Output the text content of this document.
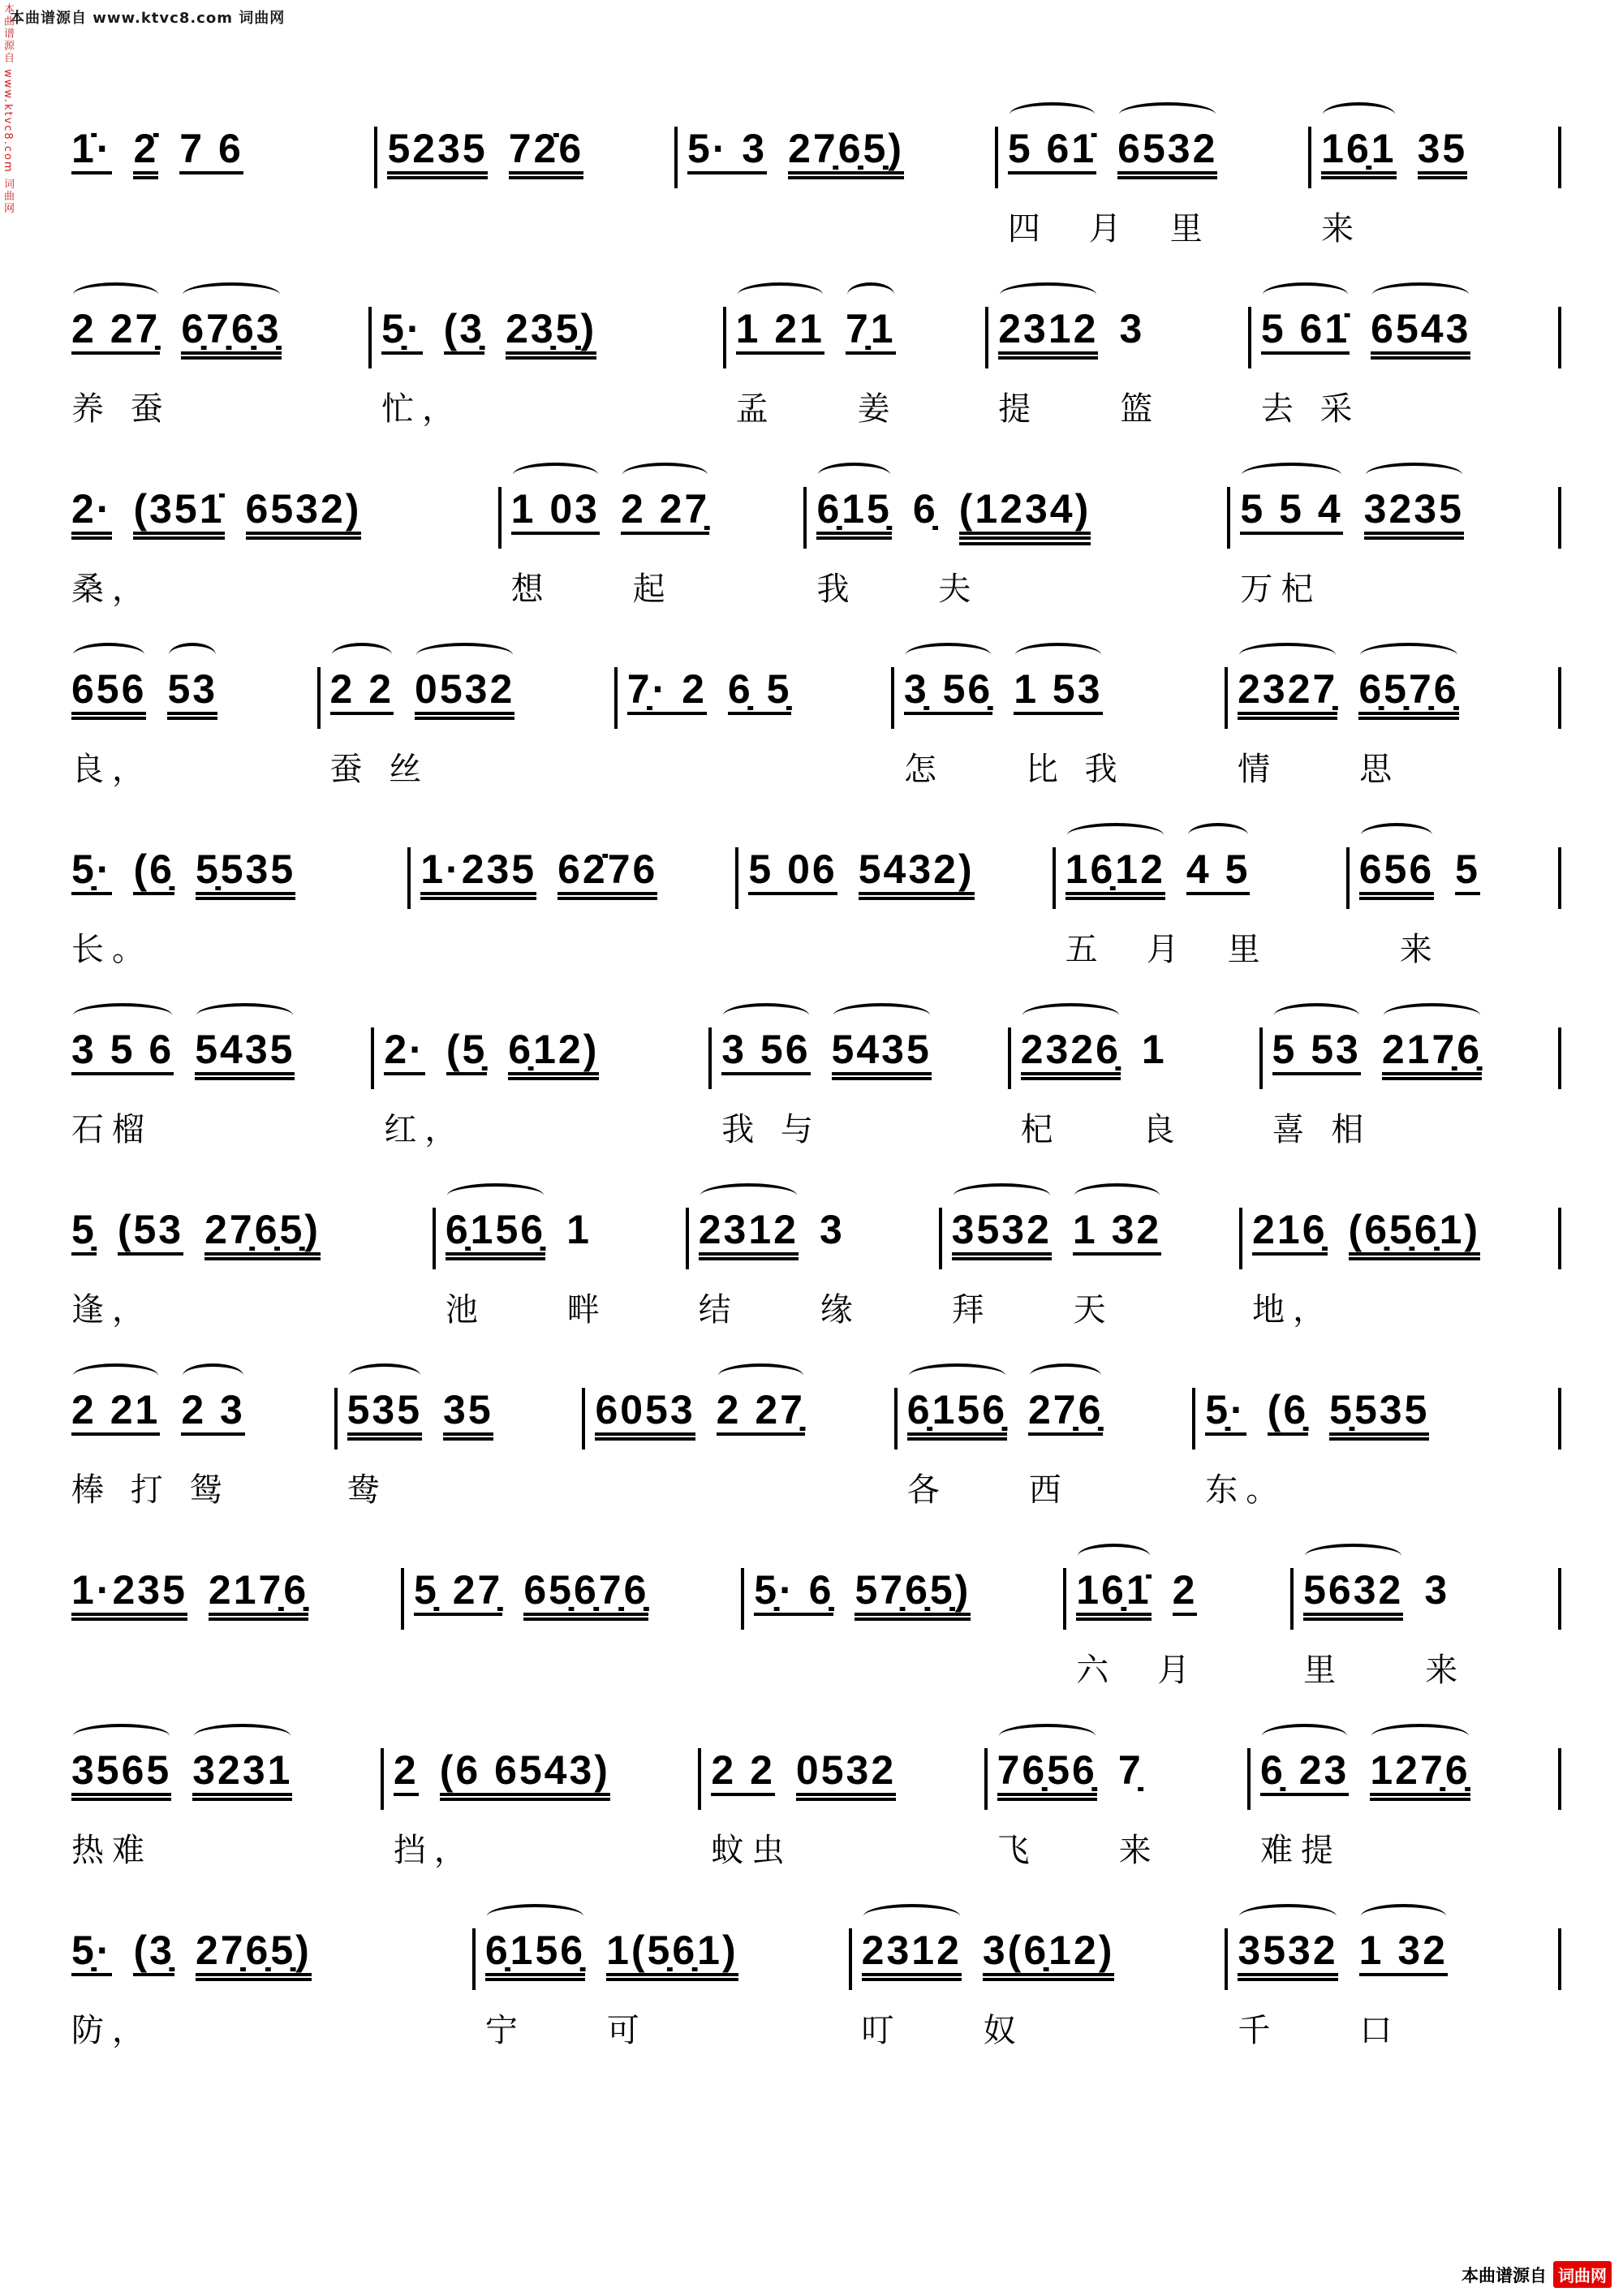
本曲谱源自 www.ktvc8.com 词曲网
本曲谱源自 www.ktvc8.com 词曲网 1̇· 2̇ 7 6	5235 72̇6	5· 3 27̣6̣5̣)	5 61̇ 6532
四　月　里
16̣1 35
来
2 27̣ 6̣7̣6̣3̣
养 蚕
5̣· (3̣ 23̣5̣)
忙，
1 21 7̣1
孟　　姜
2312 3
提　　篮
5 61̇ 6543
去 采
2· (351̇ 6532)
桑，
1 03 2 27̣
想　　起
6̣15̣ 6̣ (1234)
我　　夫
5 5 4 3235
万杞
656 53
良，
2 2 0532
蚕 丝
7̣· 2 6̣ 5̣	3̣ 56̣ 1 53
怎　　比 我
2327̣ 6̣5̣7̣6̣
情　　思
5̣· (6̣ 5̣535
长。
1·235 62̇76 5 06 5432) 16̣12 4 5
五　月　里
656 5
　来
3 5 6 5435
石榴
2· (5̣ 6̣12)
红，
3 56 5435
我 与
2326̣ 1
杞　　良
5 53 217̣6̣
喜 相
5̣ (53 27̣6̣5̣)
逢，
6̣156̣ 1
池　　畔
2312 3
结　　缘
3532 1 32
拜　　天
216̣ (6̣5̣6̣1)
地，
2 21 2 3
棒 打 鸳
535 35
鸯
6053 2 27̣	6̣156̣ 27̣6̣
各　　西
5̣· (6̣ 5̣535
东。
1·235 217̣6̣	5̣ 27̣ 65̣6̣7̣6̣	5̣· 6̣ 57̣6̣5̣)	16̣1̇ 2
六　月
5632 3
里　　来
3565 3231
热难
2 (6 6543)
挡，
2 2 0532
蚊虫
76̣56̣ 7̣
飞　　来
6̣ 23 127̣6̣
难提
5̣· (3̣ 27̣6̣5̣)
防，
6̣156̣ 1(5̣6̣1)
宁　　可
2312 3(6̣12)
叮　　奴
3532 1 32
千　　口
本曲谱源自 词曲网
